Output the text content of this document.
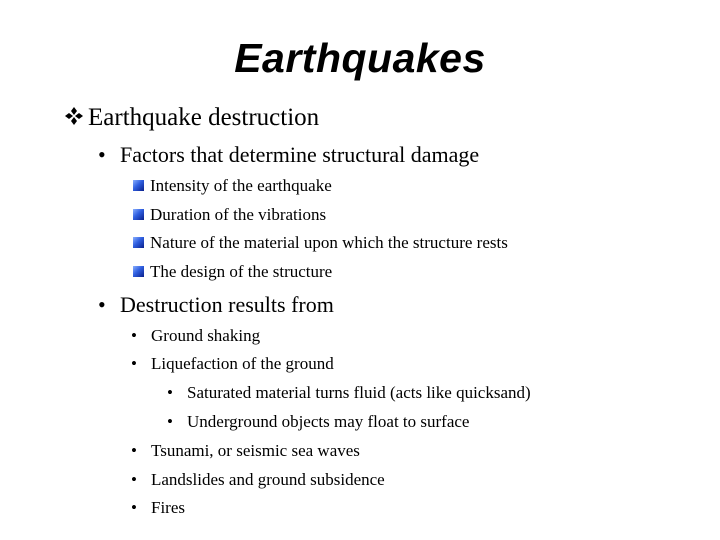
Earthquakes
Earthquake destruction
• Factors that determine structural damage
Intensity of the earthquake
Duration of the vibrations
Nature of the material upon which the structure rests
The design of the structure
• Destruction results from
• Ground shaking
• Liquefaction of the ground
• Saturated material turns fluid (acts like quicksand)
• Underground objects may float to surface
• Tsunami, or seismic sea waves
• Landslides and ground subsidence
• Fires
